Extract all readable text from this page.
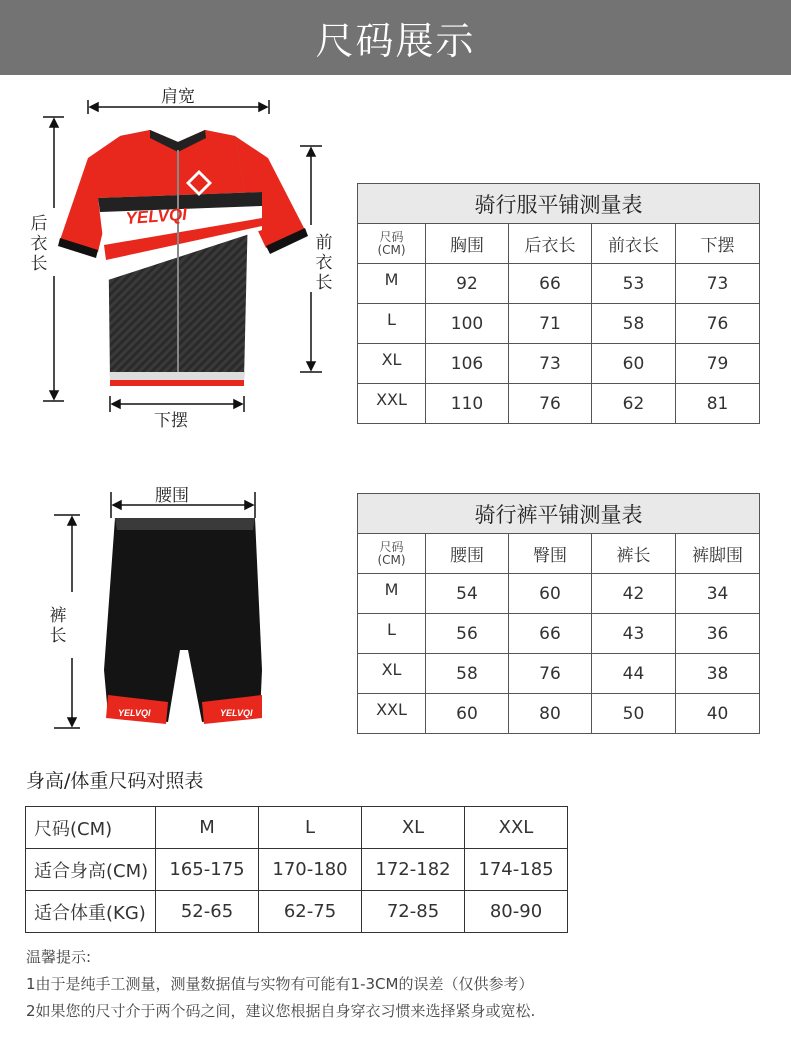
尺码展示
YELVQI
肩宽
后衣长
前衣长
下摆
YELVQI	YELVQI
腰围
裤长
骑行服平铺测量表				

尺码
(CM)	胸围	后衣长	前衣长	下摆
M	92	66	53	73
L	100	71	58	76
XL	106	73	60	79
XXL	110	76	62	81
骑行裤平铺测量表				

尺码
(CM)	腰围	臀围	裤长	裤脚围
M	54	60	42	34
L	56	66	43	36
XL	58	76	44	38
XXL	60	80	50	40
身高/体重尺码对照表
尺码(CM)	M	L	XL	XXL
适合身高(CM)	165-175	170-180	172-182	174-185
适合体重(KG)	52-65	62-75	72-85	80-90
温馨提示:
1由于是纯手工测量，测量数据值与实物有可能有1-3CM的误差（仅供参考）
2如果您的尺寸介于两个码之间，建议您根据自身穿衣习惯来选择紧身或宽松.
